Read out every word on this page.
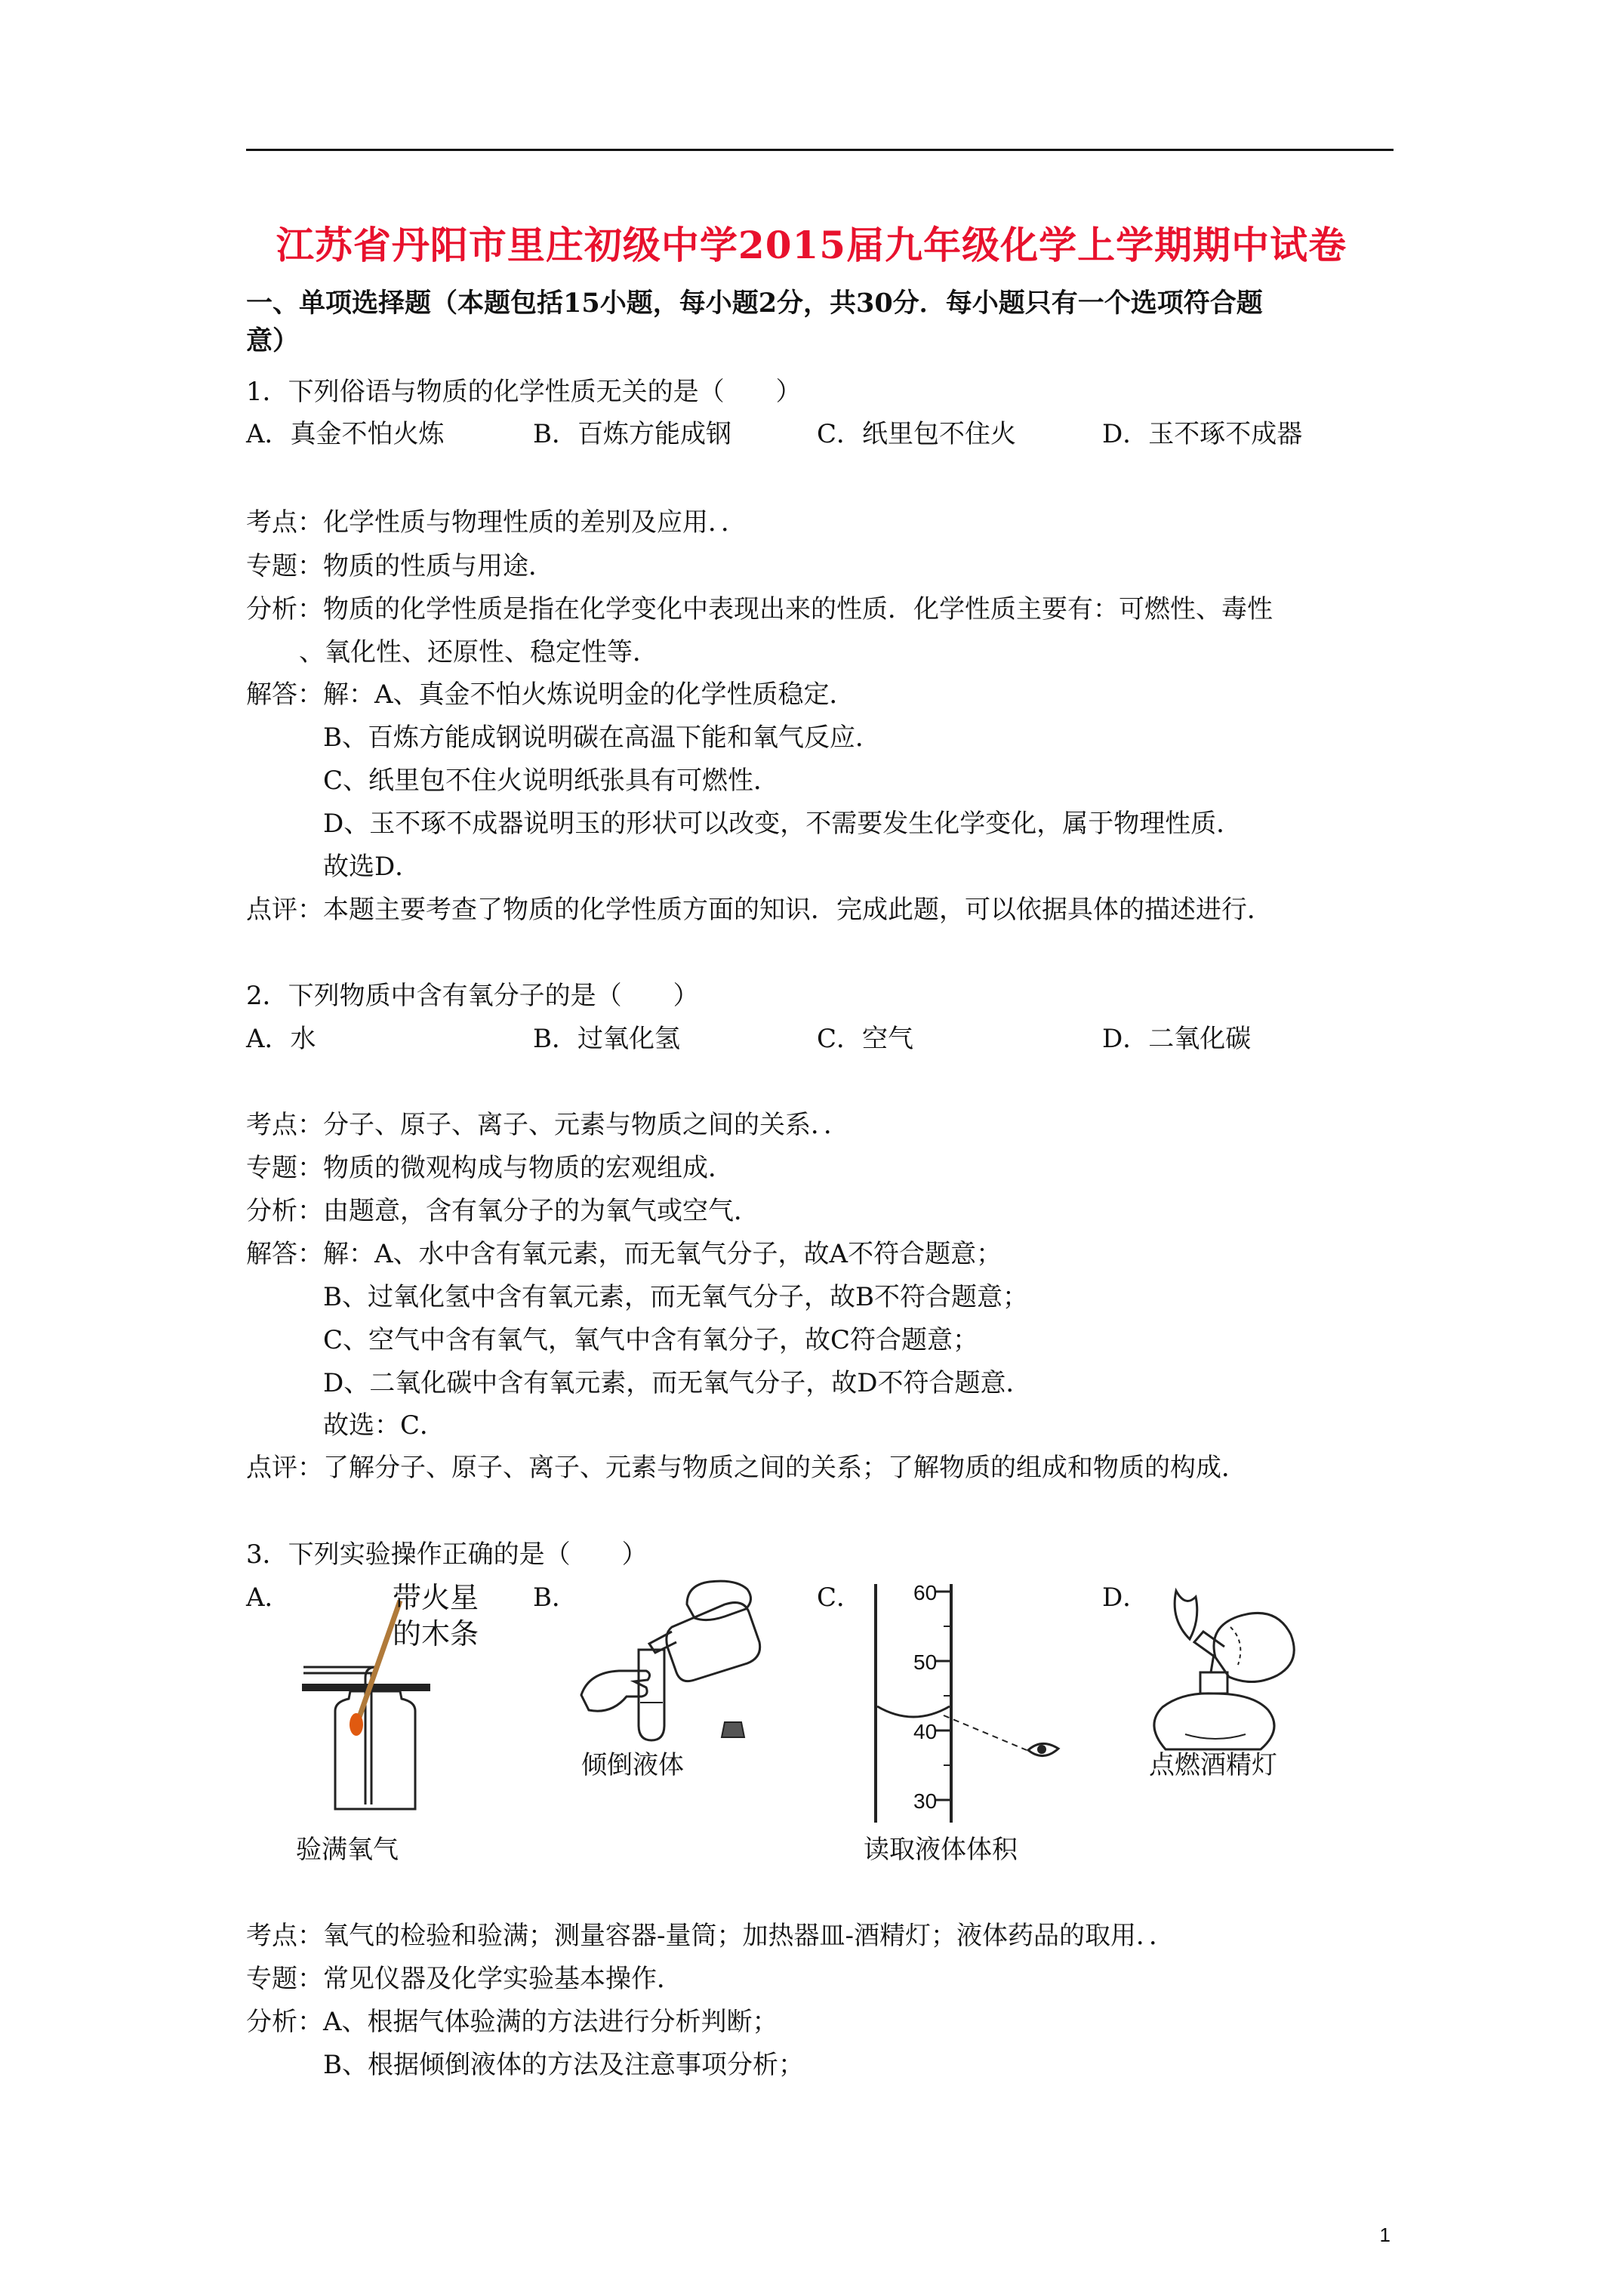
江苏省丹阳市里庄初级中学2015届九年级化学上学期期中试卷
一、单项选择题（本题包括15小题，每小题2分，共30分．每小题只有一个选项符合题
意）
1．下列俗语与物质的化学性质无关的是（　　）
A．真金不怕火炼	B．百炼方能成钢	C．纸里包不住火	D．玉不琢不成器
考点：化学性质与物理性质的差别及应用．．
专题：物质的性质与用途．
分析：物质的化学性质是指在化学变化中表现出来的性质．化学性质主要有：可燃性、毒性
、氧化性、还原性、稳定性等．
解答：解：A、真金不怕火炼说明金的化学性质稳定．
B、百炼方能成钢说明碳在高温下能和氧气反应．
C、纸里包不住火说明纸张具有可燃性．
D、玉不琢不成器说明玉的形状可以改变，不需要发生化学变化，属于物理性质．
故选D．
点评：本题主要考查了物质的化学性质方面的知识．完成此题，可以依据具体的描述进行．
2．下列物质中含有氧分子的是（　　）
A．水	B．过氧化氢	C．空气	D．二氧化碳
考点：分子、原子、离子、元素与物质之间的关系．．
专题：物质的微观构成与物质的宏观组成．
分析：由题意，含有氧分子的为氧气或空气．
解答：解：A、水中含有氧元素，而无氧气分子，故A不符合题意；
B、过氧化氢中含有氧元素，而无氧气分子，故B不符合题意；
C、空气中含有氧气，氧气中含有氧分子，故C符合题意；
D、二氧化碳中含有氧元素，而无氧气分子，故D不符合题意．
故选：C．
点评：了解分子、原子、离子、元素与物质之间的关系；了解物质的组成和物质的构成．
3．下列实验操作正确的是（　　）
A．	B．	C．	D．
带火星
的木条
验满氧气
倾倒液体
60
50
40
30
读取液体体积
点燃酒精灯
考点：氧气的检验和验满；测量容器-量筒；加热器皿-酒精灯；液体药品的取用．．
专题：常见仪器及化学实验基本操作．
分析：A、根据气体验满的方法进行分析判断；
B、根据倾倒液体的方法及注意事项分析；
1
